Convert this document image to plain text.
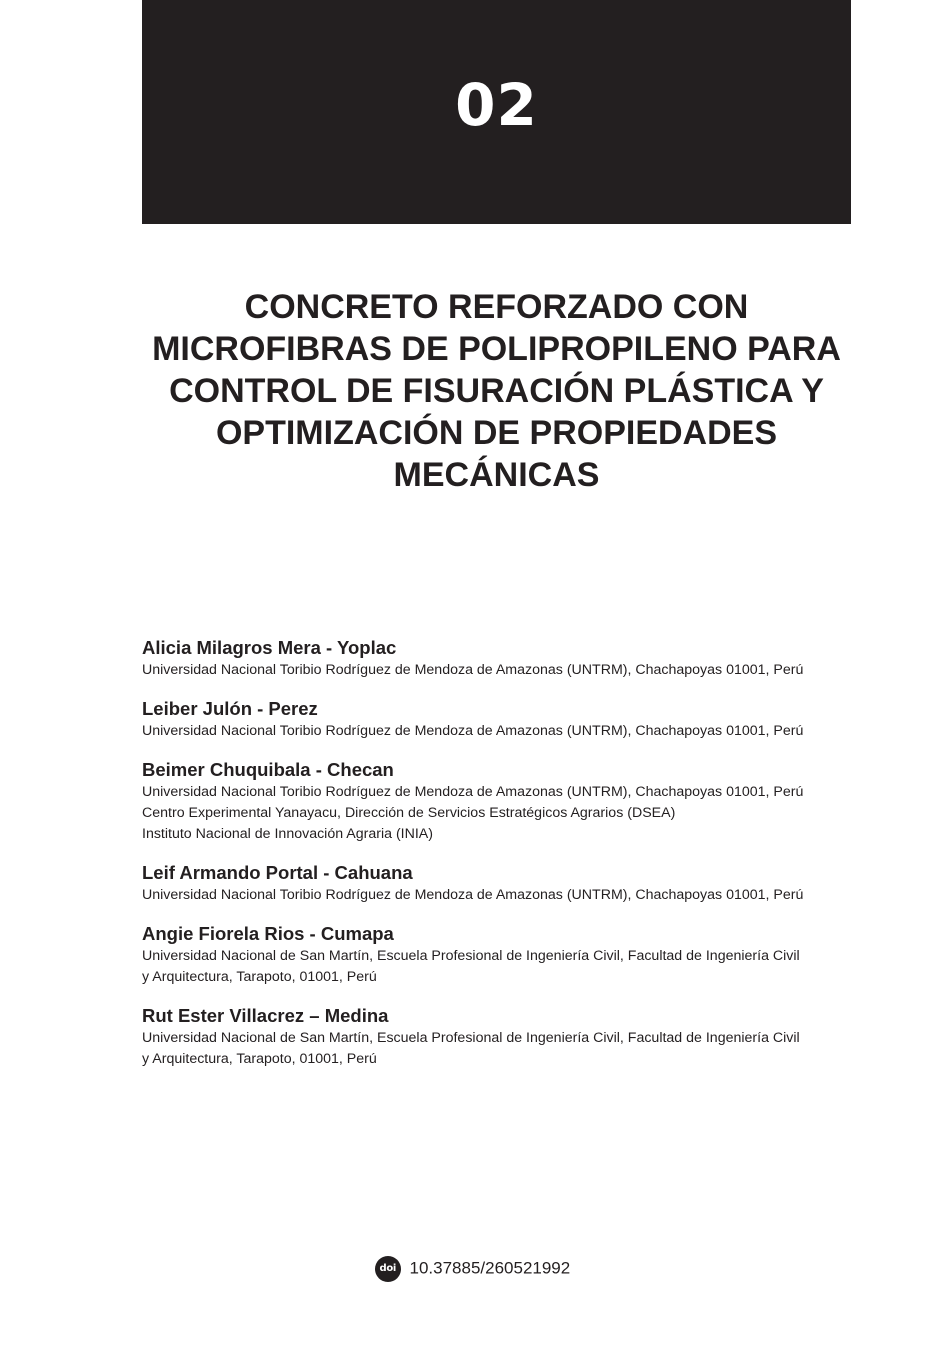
02
CONCRETO REFORZADO CON MICROFIBRAS DE POLIPROPILENO PARA CONTROL DE FISURACIÓN PLÁSTICA Y OPTIMIZACIÓN DE PROPIEDADES MECÁNICAS
Alicia Milagros Mera - Yoplac
Universidad Nacional Toribio Rodríguez de Mendoza de Amazonas (UNTRM), Chachapoyas 01001, Perú
Leiber Julón - Perez
Universidad Nacional Toribio Rodríguez de Mendoza de Amazonas (UNTRM), Chachapoyas 01001, Perú
Beimer Chuquibala - Checan
Universidad Nacional Toribio Rodríguez de Mendoza de Amazonas (UNTRM), Chachapoyas 01001, Perú
Centro Experimental Yanayacu, Dirección de Servicios Estratégicos Agrarios (DSEA)
Instituto Nacional de Innovación Agraria (INIA)
Leif Armando Portal - Cahuana
Universidad Nacional Toribio Rodríguez de Mendoza de Amazonas (UNTRM), Chachapoyas 01001, Perú
Angie Fiorela Rios - Cumapa
Universidad Nacional de San Martín, Escuela Profesional de Ingeniería Civil, Facultad de Ingeniería Civil
y Arquitectura, Tarapoto, 01001, Perú
Rut Ester Villacrez – Medina
Universidad Nacional de San Martín, Escuela Profesional de Ingeniería Civil, Facultad de Ingeniería Civil
y Arquitectura, Tarapoto, 01001, Perú
doi 10.37885/260521992
